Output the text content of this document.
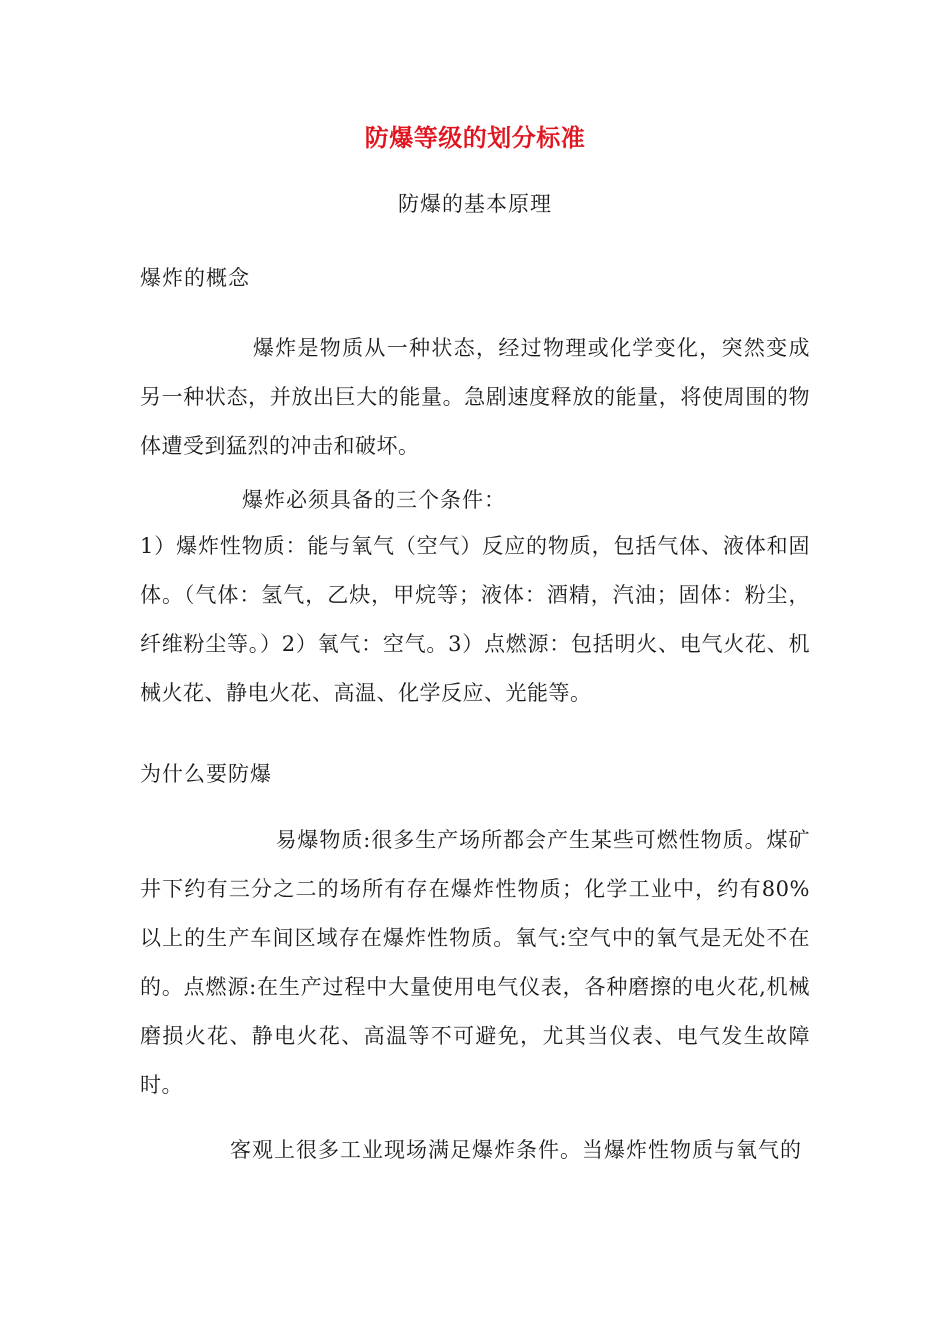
防爆等级的划分标准
防爆的基本原理
爆炸的概念
爆炸是物质从一种状态，经过物理或化学变化，突然变成另一种状态，并放出巨大的能量。急剧速度释放的能量，将使周围的物体遭受到猛烈的冲击和破坏。
爆炸必须具备的三个条件：
1）爆炸性物质：能与氧气（空气）反应的物质，包括气体、液体和固体。（气体：氢气，乙炔，甲烷等；液体：酒精，汽油；固体：粉尘，纤维粉尘等。）2）氧气：空气。3）点燃源：包括明火、电气火花、机械火花、静电火花、高温、化学反应、光能等。
为什么要防爆
易爆物质:很多生产场所都会产生某些可燃性物质。煤矿井下约有三分之二的场所有存在爆炸性物质；化学工业中，约有80%以上的生产车间区域存在爆炸性物质。氧气:空气中的氧气是无处不在的。点燃源:在生产过程中大量使用电气仪表，各种磨擦的电火花,机械磨损火花、静电火花、高温等不可避免，尤其当仪表、电气发生故障时。
客观上很多工业现场满足爆炸条件。当爆炸性物质与氧气的
